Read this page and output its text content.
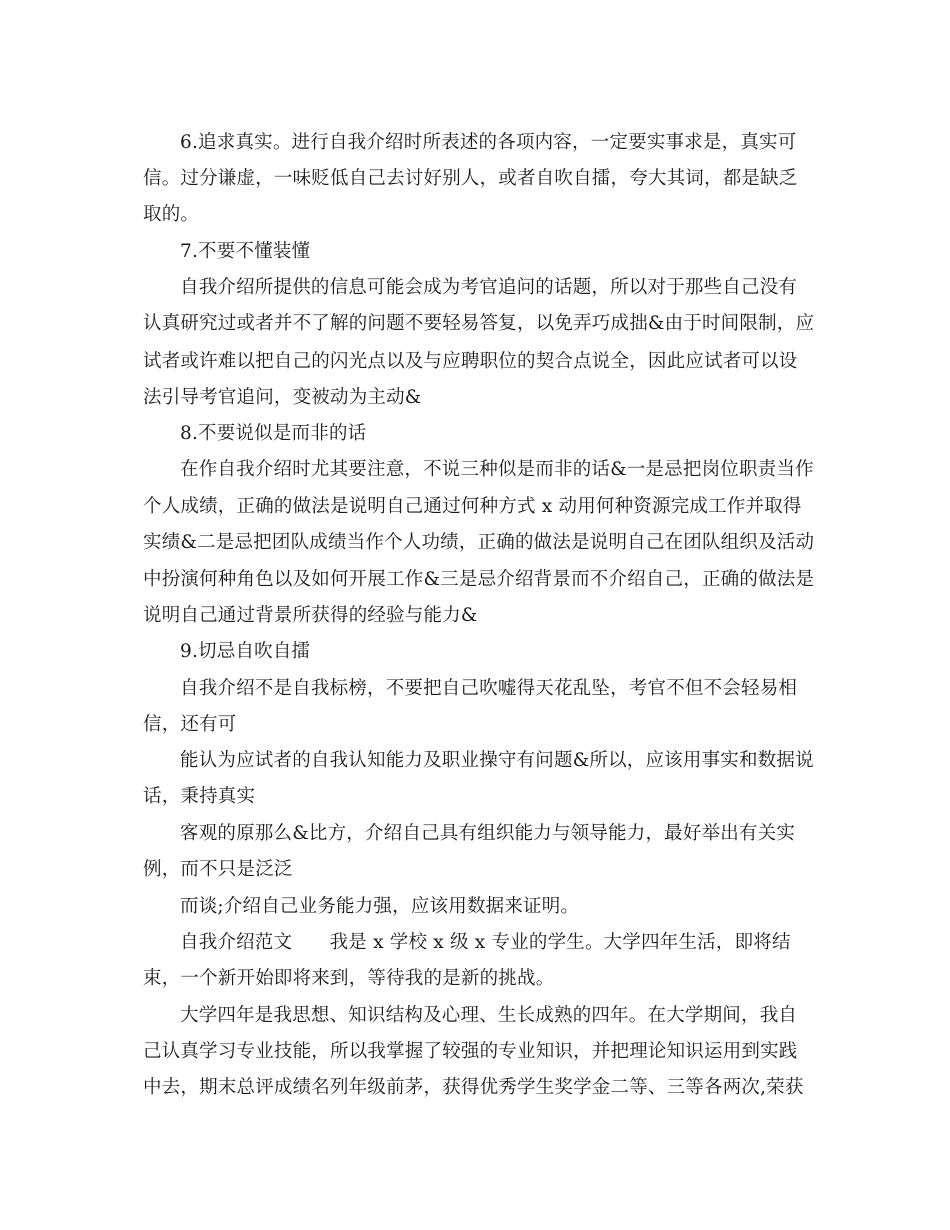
6.追求真实。进行自我介绍时所表述的各项内容，一定要实事求是，真实可
信。过分谦虚，一味贬低自己去讨好别人，或者自吹自擂，夸大其词，都是缺乏
取的。
7.不要不懂装懂
自我介绍所提供的信息可能会成为考官追问的话题，所以对于那些自己没有
认真研究过或者并不了解的问题不要轻易答复，以免弄巧成拙&由于时间限制，应
试者或许难以把自己的闪光点以及与应聘职位的契合点说全，因此应试者可以设
法引导考官追问，变被动为主动&
8.不要说似是而非的话
在作自我介绍时尤其要注意，不说三种似是而非的话&一是忌把岗位职责当作
个人成绩，正确的做法是说明自己通过何种方式 x 动用何种资源完成工作并取得
实绩&二是忌把团队成绩当作个人功绩，正确的做法是说明自己在团队组织及活动
中扮演何种角色以及如何开展工作&三是忌介绍背景而不介绍自己，正确的做法是
说明自己通过背景所获得的经验与能力&
9.切忌自吹自擂
自我介绍不是自我标榜，不要把自己吹嘘得天花乱坠，考官不但不会轻易相
信，还有可
能认为应试者的自我认知能力及职业操守有问题&所以，应该用事实和数据说
话，秉持真实
客观的原那么&比方，介绍自己具有组织能力与领导能力，最好举出有关实
例，而不只是泛泛
而谈;介绍自己业务能力强，应该用数据来证明。
自我介绍范文　　我是 x 学校 x 级 x 专业的学生。大学四年生活，即将结
束，一个新开始即将来到，等待我的是新的挑战。
大学四年是我思想、知识结构及心理、生长成熟的四年。在大学期间，我自
己认真学习专业技能，所以我掌握了较强的专业知识，并把理论知识运用到实践
中去，期末总评成绩名列年级前茅，获得优秀学生奖学金二等、三等各两次,荣获
